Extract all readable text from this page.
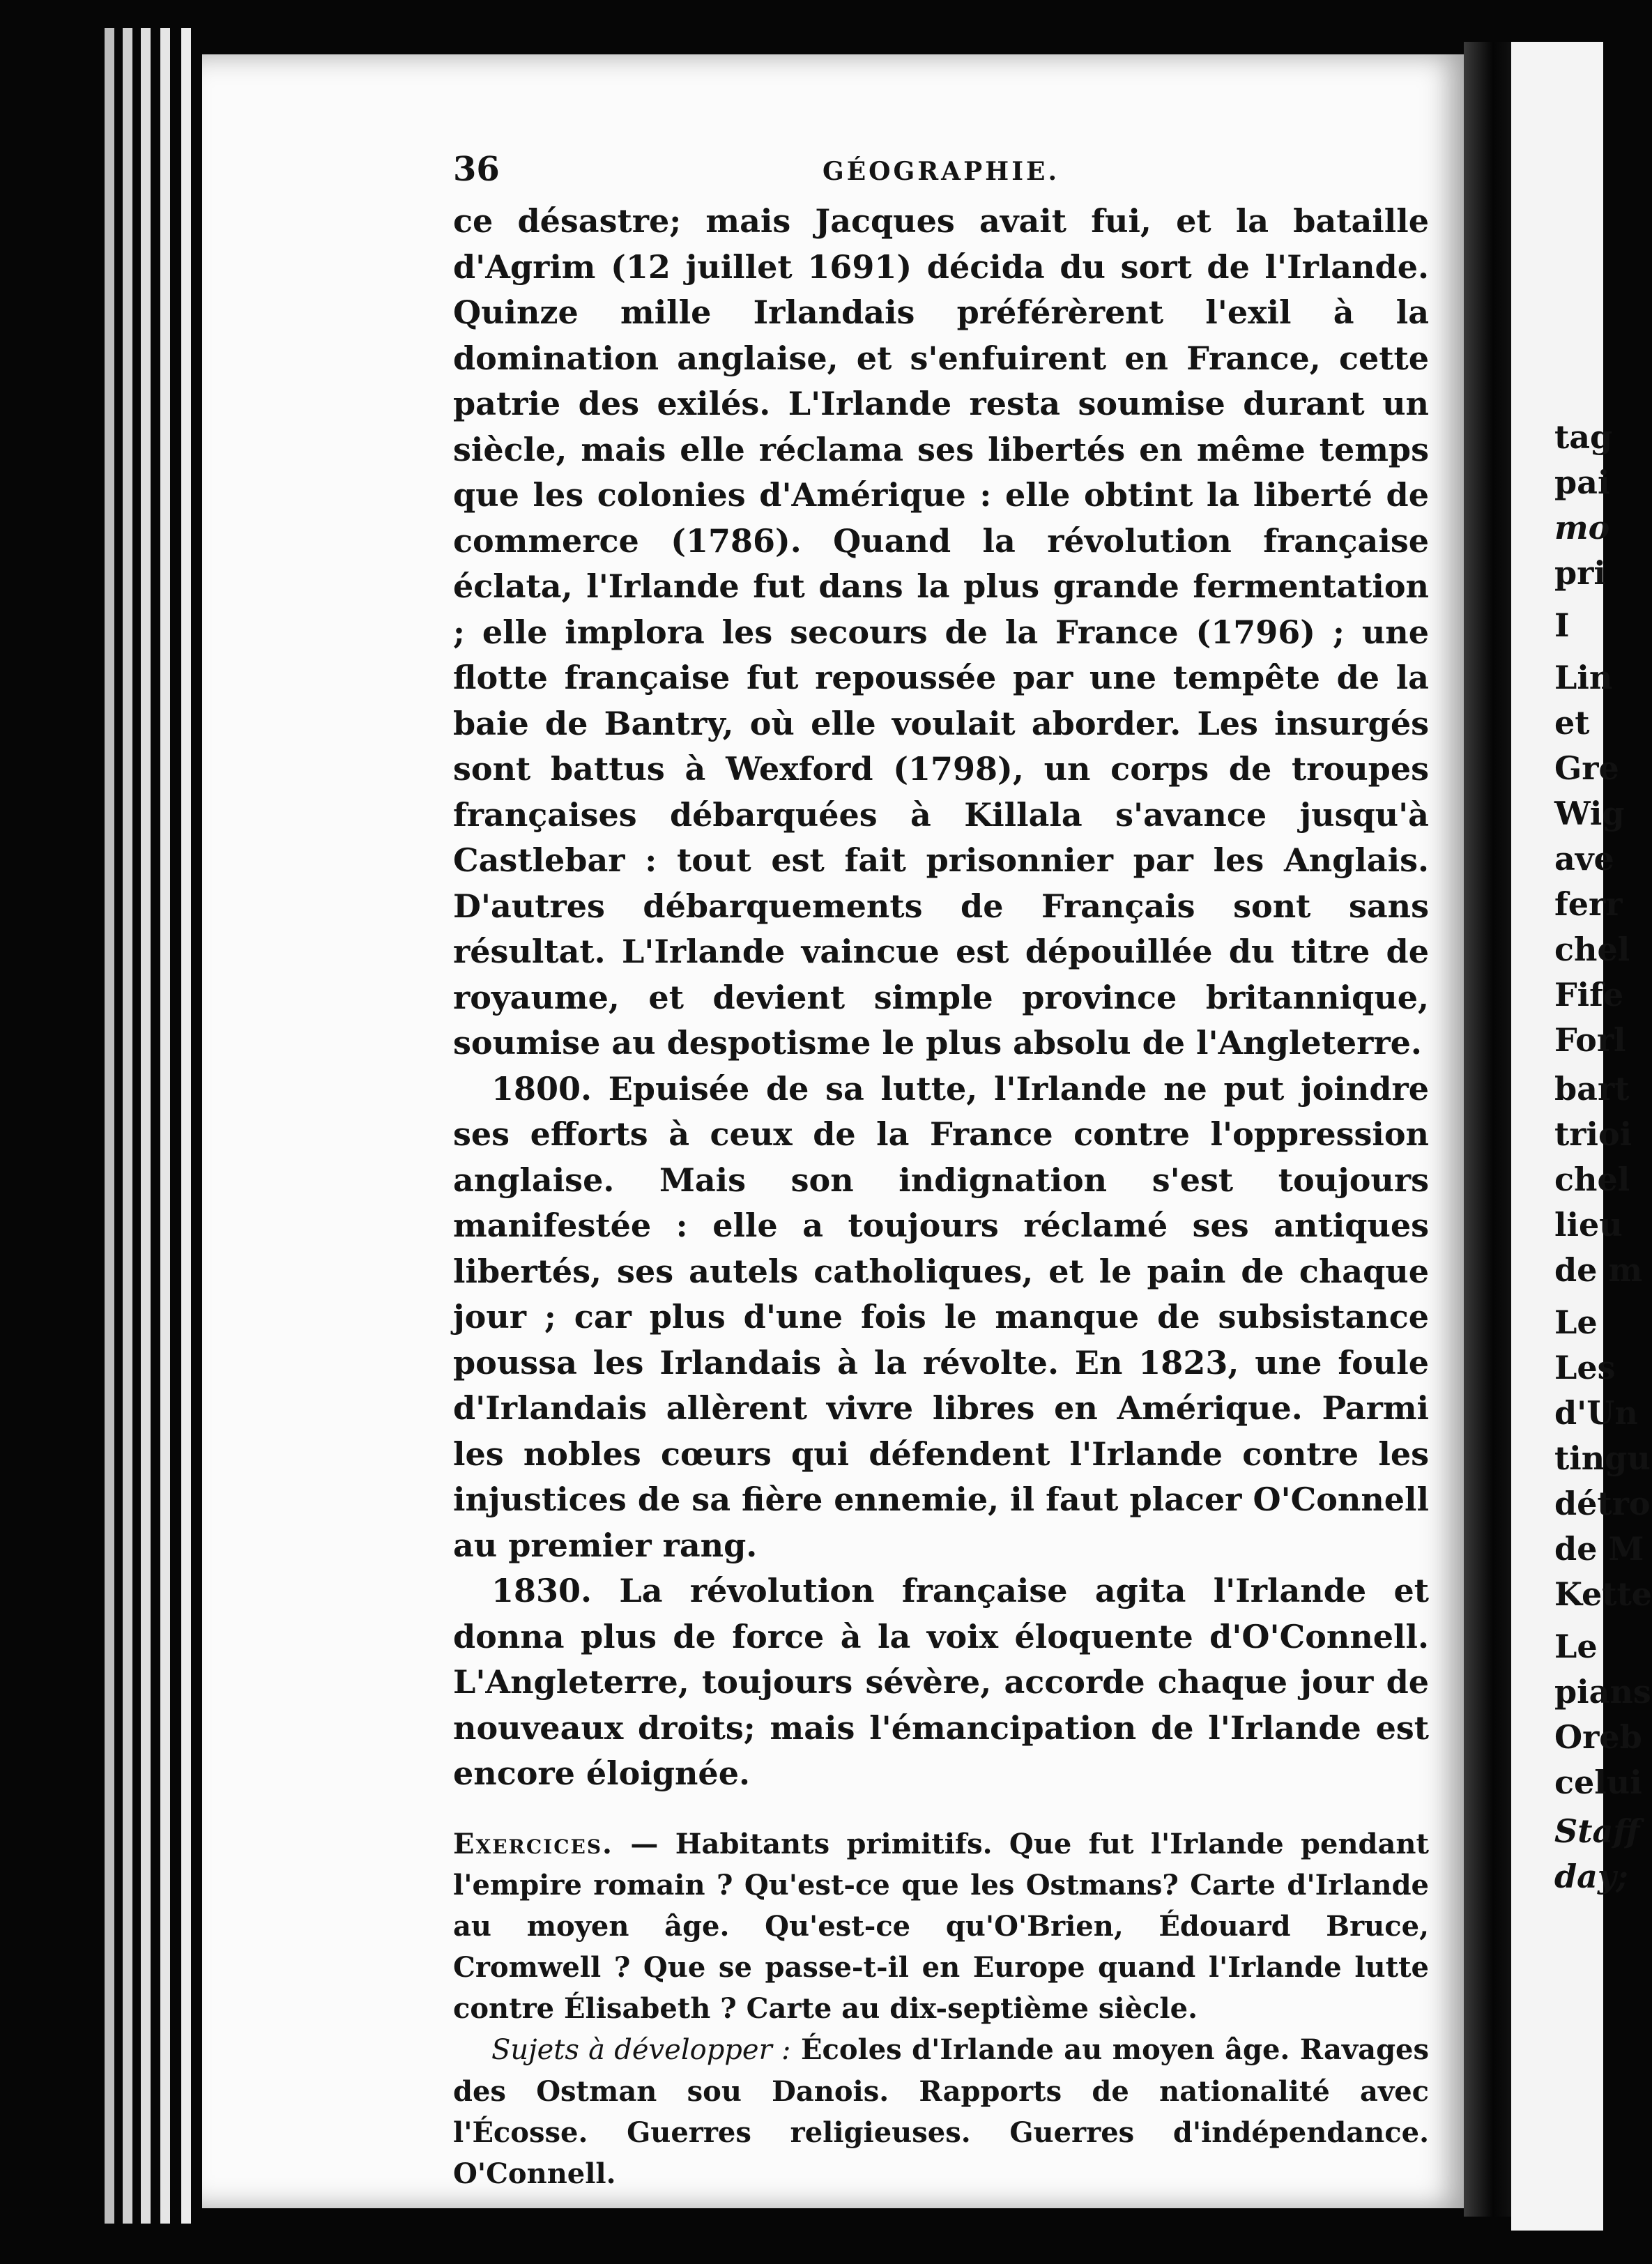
tag
pai
mo
pri
I
Lin
et
Gre
Wig
ave
ferr
chel
Fife
Forl
bart
trioi
chel
lieu
de m
Le
Les
d'Un
tingu
détro
de M
Kette
Le
pians
Oreb
celui
Staff
day;
36	GÉOGRAPHIE.

ce désastre; mais Jacques avait fui, et la bataille d'Agrim (12 juillet 1691) décida du sort de l'Irlande. Quinze mille Irlandais préférèrent l'exil à la domination anglaise, et s'enfuirent en France, cette patrie des exilés. L'Irlande resta soumise durant un siècle, mais elle réclama ses libertés en même temps que les colonies d'Amérique : elle obtint la liberté de commerce (1786). Quand la révolution française éclata, l'Irlande fut dans la plus grande fermentation ; elle implora les secours de la France (1796) ; une flotte française fut repoussée par une tempête de la baie de Bantry, où elle voulait aborder. Les insurgés sont battus à Wexford (1798), un corps de troupes françaises débarquées à Killala s'avance jusqu'à Castlebar : tout est fait prisonnier par les Anglais. D'autres débarquements de Français sont sans résultat. L'Irlande vaincue est dépouillée du titre de royaume, et devient simple province britannique, soumise au despotisme le plus absolu de l'Angleterre.

1800. Epuisée de sa lutte, l'Irlande ne put joindre ses efforts à ceux de la France contre l'oppression anglaise. Mais son indignation s'est toujours manifestée : elle a toujours réclamé ses antiques libertés, ses autels catholiques, et le pain de chaque jour ; car plus d'une fois le manque de subsistance poussa les Irlandais à la révolte. En 1823, une foule d'Irlandais allèrent vivre libres en Amérique. Parmi les nobles cœurs qui défendent l'Irlande contre les injustices de sa fière ennemie, il faut placer O'Connell au premier rang.

1830. La révolution française agita l'Irlande et donna plus de force à la voix éloquente d'O'Connell. L'Angleterre, toujours sévère, accorde chaque jour de nouveaux droits; mais l'émancipation de l'Irlande est encore éloignée.

Exercices. — Habitants primitifs. Que fut l'Irlande pendant l'empire romain ? Qu'est-ce que les Ostmans? Carte d'Irlande au moyen âge. Qu'est-ce qu'O'Brien, Édouard Bruce, Cromwell ? Que se passe-t-il en Europe quand l'Irlande lutte contre Élisabeth ? Carte au dix-septième siècle.

Sujets à développer : Écoles d'Irlande au moyen âge. Ravages des Ostman sou Danois. Rapports de nationalité avec l'Écosse. Guerres religieuses. Guerres d'indépendance. O'Connell.
